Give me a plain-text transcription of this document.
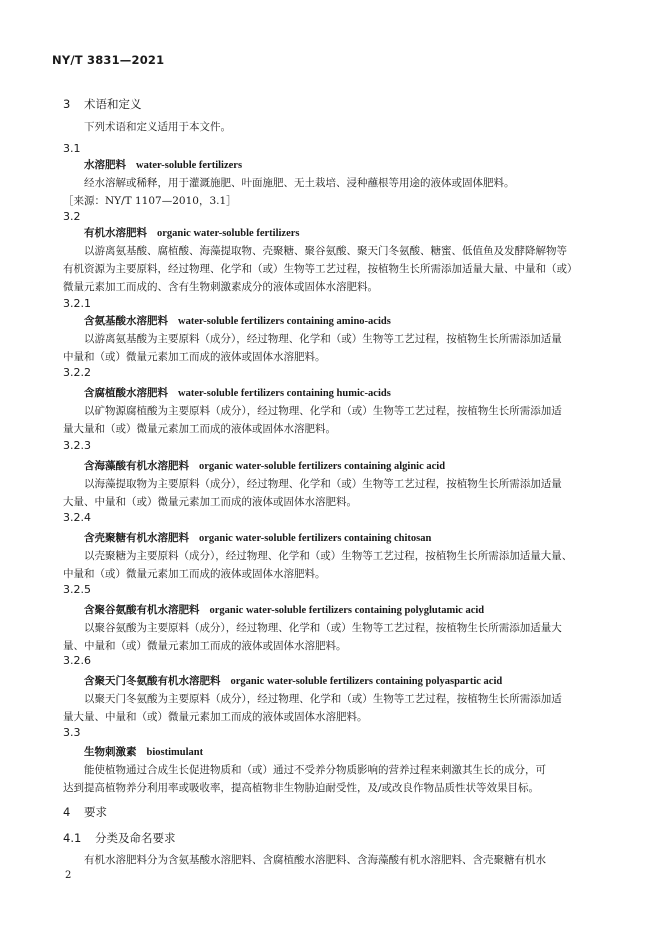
NY/T 3831—2021
3 术语和定义
下列术语和定义适用于本文件。
3.1
水溶肥料 water-soluble fertilizers
经水溶解或稀释，用于灌溉施肥、叶面施肥、无土栽培、浸种蘸根等用途的液体或固体肥料。
［来源：NY/T 1107—2010，3.1］
3.2
有机水溶肥料 organic water-soluble fertilizers
以游离氨基酸、腐植酸、海藻提取物、壳聚糖、聚谷氨酸、聚天门冬氨酸、糖蜜、低值鱼及发酵降解物等
有机资源为主要原料，经过物理、化学和（或）生物等工艺过程，按植物生长所需添加适量大量、中量和（或）
微量元素加工而成的、含有生物刺激素成分的液体或固体水溶肥料。
3.2.1
含氨基酸水溶肥料 water-soluble fertilizers containing amino-acids
以游离氨基酸为主要原料（成分），经过物理、化学和（或）生物等工艺过程，按植物生长所需添加适量
中量和（或）微量元素加工而成的液体或固体水溶肥料。
3.2.2
含腐植酸水溶肥料 water-soluble fertilizers containing humic-acids
以矿物源腐植酸为主要原料（成分），经过物理、化学和（或）生物等工艺过程，按植物生长所需添加适
量大量和（或）微量元素加工而成的液体或固体水溶肥料。
3.2.3
含海藻酸有机水溶肥料 organic water-soluble fertilizers containing alginic acid
以海藻提取物为主要原料（成分），经过物理、化学和（或）生物等工艺过程，按植物生长所需添加适量
大量、中量和（或）微量元素加工而成的液体或固体水溶肥料。
3.2.4
含壳聚糖有机水溶肥料 organic water-soluble fertilizers containing chitosan
以壳聚糖为主要原料（成分），经过物理、化学和（或）生物等工艺过程，按植物生长所需添加适量大量、
中量和（或）微量元素加工而成的液体或固体水溶肥料。
3.2.5
含聚谷氨酸有机水溶肥料 organic water-soluble fertilizers containing polyglutamic acid
以聚谷氨酸为主要原料（成分），经过物理、化学和（或）生物等工艺过程，按植物生长所需添加适量大
量、中量和（或）微量元素加工而成的液体或固体水溶肥料。
3.2.6
含聚天门冬氨酸有机水溶肥料 organic water-soluble fertilizers containing polyaspartic acid
以聚天门冬氨酸为主要原料（成分），经过物理、化学和（或）生物等工艺过程，按植物生长所需添加适
量大量、中量和（或）微量元素加工而成的液体或固体水溶肥料。
3.3
生物刺激素 biostimulant
能使植物通过合成生长促进物质和（或）通过不受养分物质影响的营养过程来刺激其生长的成分，可
达到提高植物养分利用率或吸收率，提高植物非生物胁迫耐受性，及/或改良作物品质性状等效果目标。
4 要求
4.1 分类及命名要求
有机水溶肥料分为含氨基酸水溶肥料、含腐植酸水溶肥料、含海藻酸有机水溶肥料、含壳聚糖有机水
2
